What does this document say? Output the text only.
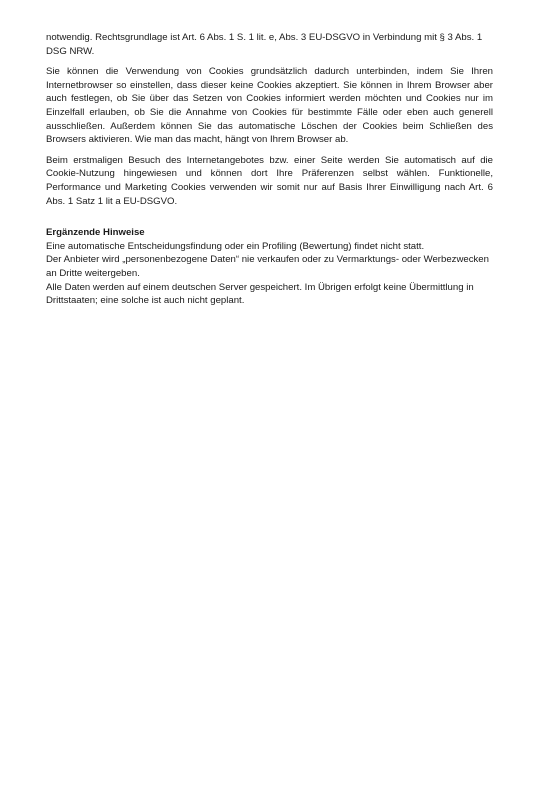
notwendig. Rechtsgrundlage ist Art. 6 Abs. 1 S. 1 lit. e, Abs. 3 EU-DSGVO in Verbindung mit § 3 Abs. 1 DSG NRW.

Sie können die Verwendung von Cookies grundsätzlich dadurch unterbinden, indem Sie Ihren Internetbrowser so einstellen, dass dieser keine Cookies akzeptiert. Sie können in Ihrem Browser aber auch festlegen, ob Sie über das Setzen von Cookies informiert werden möchten und Cookies nur im Einzelfall erlauben, ob Sie die Annahme von Cookies für bestimmte Fälle oder eben auch generell ausschließen. Außerdem können Sie das automatische Löschen der Cookies beim Schließen des Browsers aktivieren. Wie man das macht, hängt von Ihrem Browser ab.

Beim erstmaligen Besuch des Internetangebotes bzw. einer Seite werden Sie automatisch auf die Cookie-Nutzung hingewiesen und können dort Ihre Präferenzen selbst wählen. Funktionelle, Performance und Marketing Cookies verwenden wir somit nur auf Basis Ihrer Einwilligung nach Art. 6 Abs. 1 Satz 1 lit a EU-DSGVO.

Ergänzende Hinweise
Eine automatische Entscheidungsfindung oder ein Profiling (Bewertung) findet nicht statt.
Der Anbieter wird „personenbezogene Daten“ nie verkaufen oder zu Vermarktungs- oder Werbezwecken an Dritte weitergeben.
Alle Daten werden auf einem deutschen Server gespeichert. Im Übrigen erfolgt keine Übermittlung in Drittstaaten; eine solche ist auch nicht geplant.
